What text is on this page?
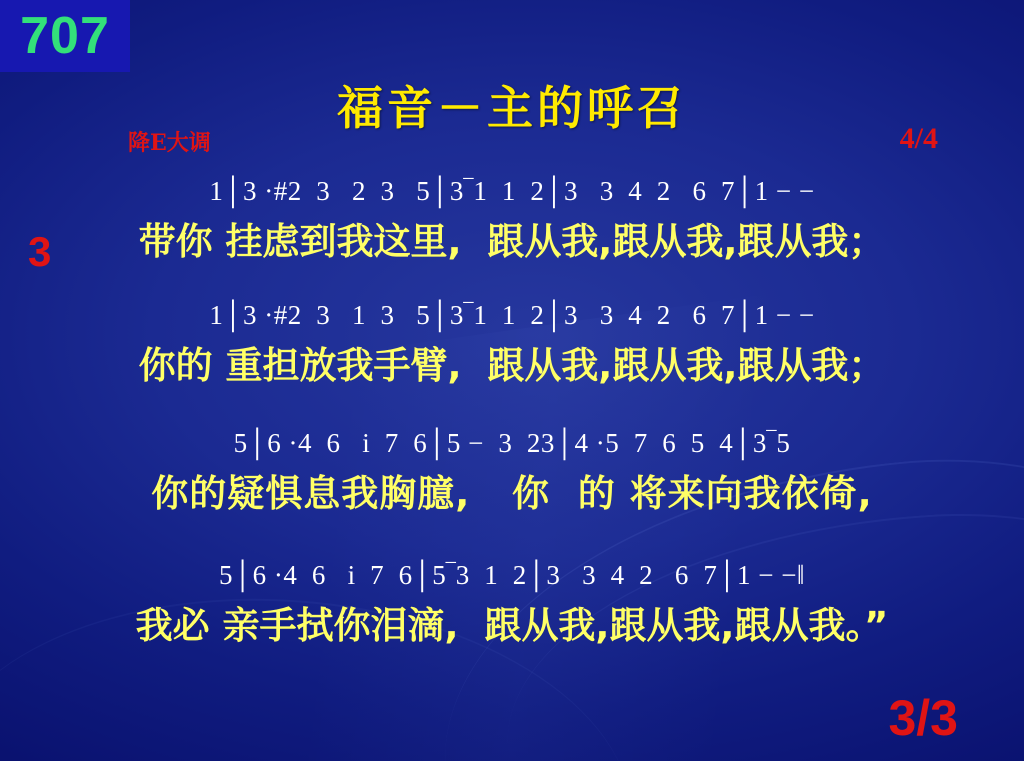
707
福音－主的呼召
降E大调	4/4
3
1│3 ·#2  3   2  3   5│3‾1  1  2│3   3  4  2   6  7│1 − −
带你 挂虑到我这里,  跟从我,跟从我,跟从我；
1│3 ·#2  3   1  3   5│3‾1  1  2│3   3  4  2   6  7│1 − −
你的 重担放我手臂,  跟从我,跟从我,跟从我；
5│6 ·4  6   i  7  6│5 −  3  23│4 ·5  7  6  5  4│3‾5
你的疑惧息我胸臆,   你  的 将来向我依倚,
5│6 ·4  6   i  7  6│5‾3  1  2│3   3  4  2   6  7│1 − −‖
我必 亲手拭你泪滴,  跟从我,跟从我,跟从我。”
3/3
